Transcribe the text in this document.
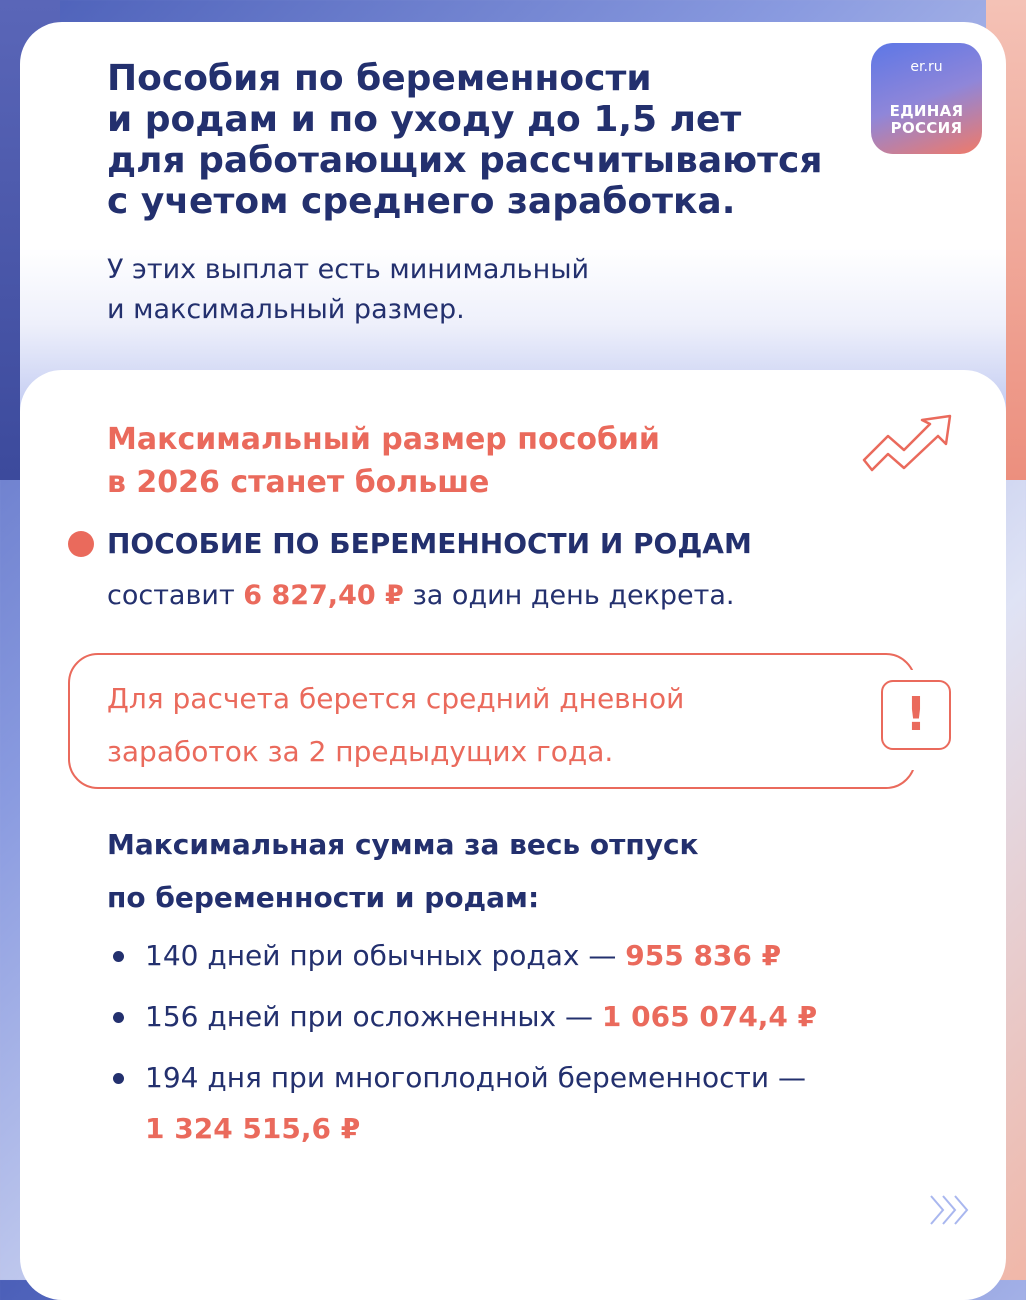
Пособия по беременности
и родам и по уходу до 1,5 лет
для работающих рассчитываются
с учетом среднего заработка.

У этих выплат есть минимальный
и максимальный размер.

er.ru
ЕДИНАЯ
РОССИЯ
Максимальный размер пособий
в 2026 станет больше

ПОСОБИЕ ПО БЕРЕМЕННОСТИ И РОДАМ

составит 6 827,40 ₽ за один день декрета.

Для расчета берется средний дневной
заработок за 2 предыдущих года.

!

Максимальная сумма за весь отпуск
по беременности и родам:

140 дней при обычных родах — 955 836 ₽
156 дней при осложненных — 1 065 074,4 ₽
194 дня при многоплодной беременности —
1 324 515,6 ₽
